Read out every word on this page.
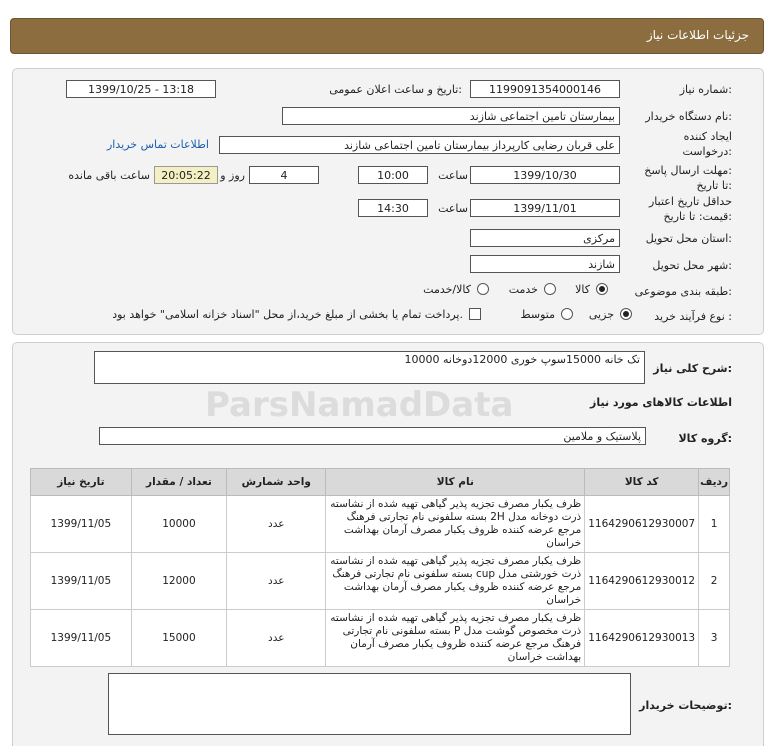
جزئیات اطلاعات نیاز
شماره نیاز:
1199091354000146
تاریخ و ساعت اعلان عمومی:
1399/10/25 - 13:18
نام دستگاه خریدار:
بیمارستان تامین اجتماعی شازند
ایجاد کننده
درخواست:
علی قربان رضایی کارپرداز بیمارستان تامین اجتماعی شازند
اطلاعات تماس خریدار
مهلت ارسال پاسخ:
تا تاریخ:
1399/10/30
ساعت
10:00
4
روز و
20:05:22
ساعت باقی مانده
حداقل تاریخ اعتبار
قیمت: تا تاریخ:
1399/11/01
ساعت
14:30
استان محل تحویل:
مرکزی
شهر محل تحویل:
شازند
طبقه بندی موضوعی:
کالا
خدمت
کالا/خدمت
نوع فرآیند خرید :
جزیی
متوسط
پرداخت تمام یا بخشی از مبلغ خرید،از محل "اسناد خزانه اسلامی" خواهد بود.
شرح کلی نیاز:
تک خانه 15000سوپ خوری 12000دوخانه 10000
اطلاعات کالاهای مورد نیاز
گروه کالا:
پلاستیک و ملامین
ParsNamadData
ردیف	کد کالا	نام کالا	واحد شمارش	تعداد / مقدار	تاریخ نیاز
1	1164290612930007	ظرف یکبار مصرف تجزیه پذیر گیاهی تهیه شده از نشاسته ذرت دوخانه مدل 2H بسته سلفونی نام تجارتی فرهنگ مرجع عرضه کننده ظروف یکبار مصرف آرمان بهداشت خراسان	عدد	10000	1399/11/05
2	1164290612930012	ظرف یکبار مصرف تجزیه پذیر گیاهی تهیه شده از نشاسته ذرت خورشتی مدل cup بسته سلفونی نام تجارتی فرهنگ مرجع عرضه کننده ظروف یکبار مصرف آرمان بهداشت خراسان	عدد	12000	1399/11/05
3	1164290612930013	ظرف یکبار مصرف تجزیه پذیر گیاهی تهیه شده از نشاسته ذرت مخصوص گوشت مدل P بسته سلفونی نام تجارتی فرهنگ مرجع عرضه کننده ظروف یکبار مصرف آرمان بهداشت خراسان	عدد	15000	1399/11/05
توضیحات خریدار:
